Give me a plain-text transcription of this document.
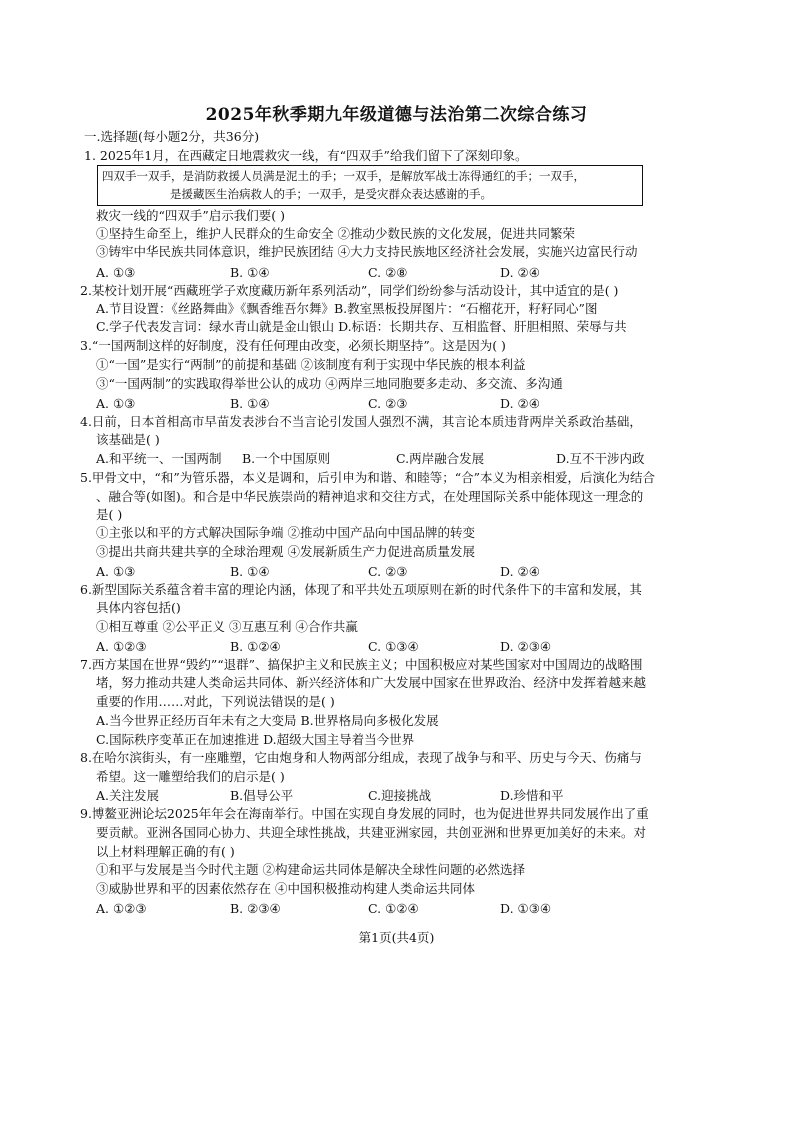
2025年秋季期九年级道德与法治第二次综合练习
一.选择题(每小题2分，共36分)
1. 2025年1月，在西藏定日地震救灾一线，有“四双手”给我们留下了深刻印象。
四双手一双手，是消防救援人员满是泥土的手；一双手，是解放军战士冻得通红的手；一双手，
是援藏医生治病救人的手；一双手，是受灾群众表达感谢的手。
救灾一线的“四双手”启示我们要( )
①坚持生命至上，维护人民群众的生命安全 ②推动少数民族的文化发展，促进共同繁荣
③铸牢中华民族共同体意识，维护民族团结 ④大力支持民族地区经济社会发展，实施兴边富民行动
A. ①③	B. ①④	C. ②⑧	D. ②④
2.某校计划开展“西藏班学子欢度藏历新年系列活动”，同学们纷纷参与活动设计，其中适宜的是( )
A.节目设置：《丝路舞曲》《飘香维吾尔舞》B.教室黑板投屏图片：“石榴花开，籽籽同心”图
C.学子代表发言词：绿水青山就是金山银山 D.标语：长期共存、互相监督、肝胆相照、荣辱与共
3.“一国两制这样的好制度，没有任何理由改变，必须长期坚持”。这是因为( )
①“一国”是实行“两制”的前提和基础 ②该制度有利于实现中华民族的根本利益
③“一国两制”的实践取得举世公认的成功 ④两岸三地同胞要多走动、多交流、多沟通
A. ①③	B. ①④	C. ②③	D. ②④
4.日前，日本首相高市早苗发表涉台不当言论引发国人强烈不满，其言论本质违背两岸关系政治基础，
该基础是( )
A.和平统一、一国两制 B.一个中国原则	C.两岸融合发展	D.互不干涉内政
5.甲骨文中，“和”为管乐器，本义是调和，后引申为和谐、和睦等；“合”本义为相亲相爱，后演化为结合
、融合等(如图)。和合是中华民族崇尚的精神追求和交往方式，在处理国际关系中能体现这一理念的
是( )
①主张以和平的方式解决国际争端 ②推动中国产品向中国品牌的转变
③提出共商共建共享的全球治理观 ④发展新质生产力促进高质量发展
A. ①③	B. ①④	C. ②③	D. ②④
6.新型国际关系蕴含着丰富的理论内涵，体现了和平共处五项原则在新的时代条件下的丰富和发展，其
具体内容包括()
①相互尊重 ②公平正义 ③互惠互利 ④合作共赢
A. ①②③	B. ①②④	C. ①③④	D. ②③④
7.西方某国在世界“毁约”“退群”、搞保护主义和民族主义；中国积极应对某些国家对中国周边的战略围
堵，努力推动共建人类命运共同体、新兴经济体和广大发展中国家在世界政治、经济中发挥着越来越
重要的作用……对此，下列说法错误的是( )
A.当今世界正经历百年未有之大变局 B.世界格局向多极化发展
C.国际秩序变革正在加速推进 D.超级大国主导着当今世界
8.在哈尔滨街头，有一座雕塑，它由炮身和人物两部分组成，表现了战争与和平、历史与今天、伤痛与
希望。这一雕塑给我们的启示是( )
A.关注发展	B.倡导公平	C.迎接挑战	D.珍惜和平
9.博鳌亚洲论坛2025年年会在海南举行。中国在实现自身发展的同时，也为促进世界共同发展作出了重
要贡献。亚洲各国同心协力、共迎全球性挑战，共建亚洲家园，共创亚洲和世界更加美好的未来。对
以上材料理解正确的有( )
①和平与发展是当今时代主题 ②构建命运共同体是解决全球性问题的必然选择
③威胁世界和平的因素依然存在 ④中国积极推动构建人类命运共同体
A. ①②③	B. ②③④	C. ①②④	D. ①③④
第1页(共4页)
